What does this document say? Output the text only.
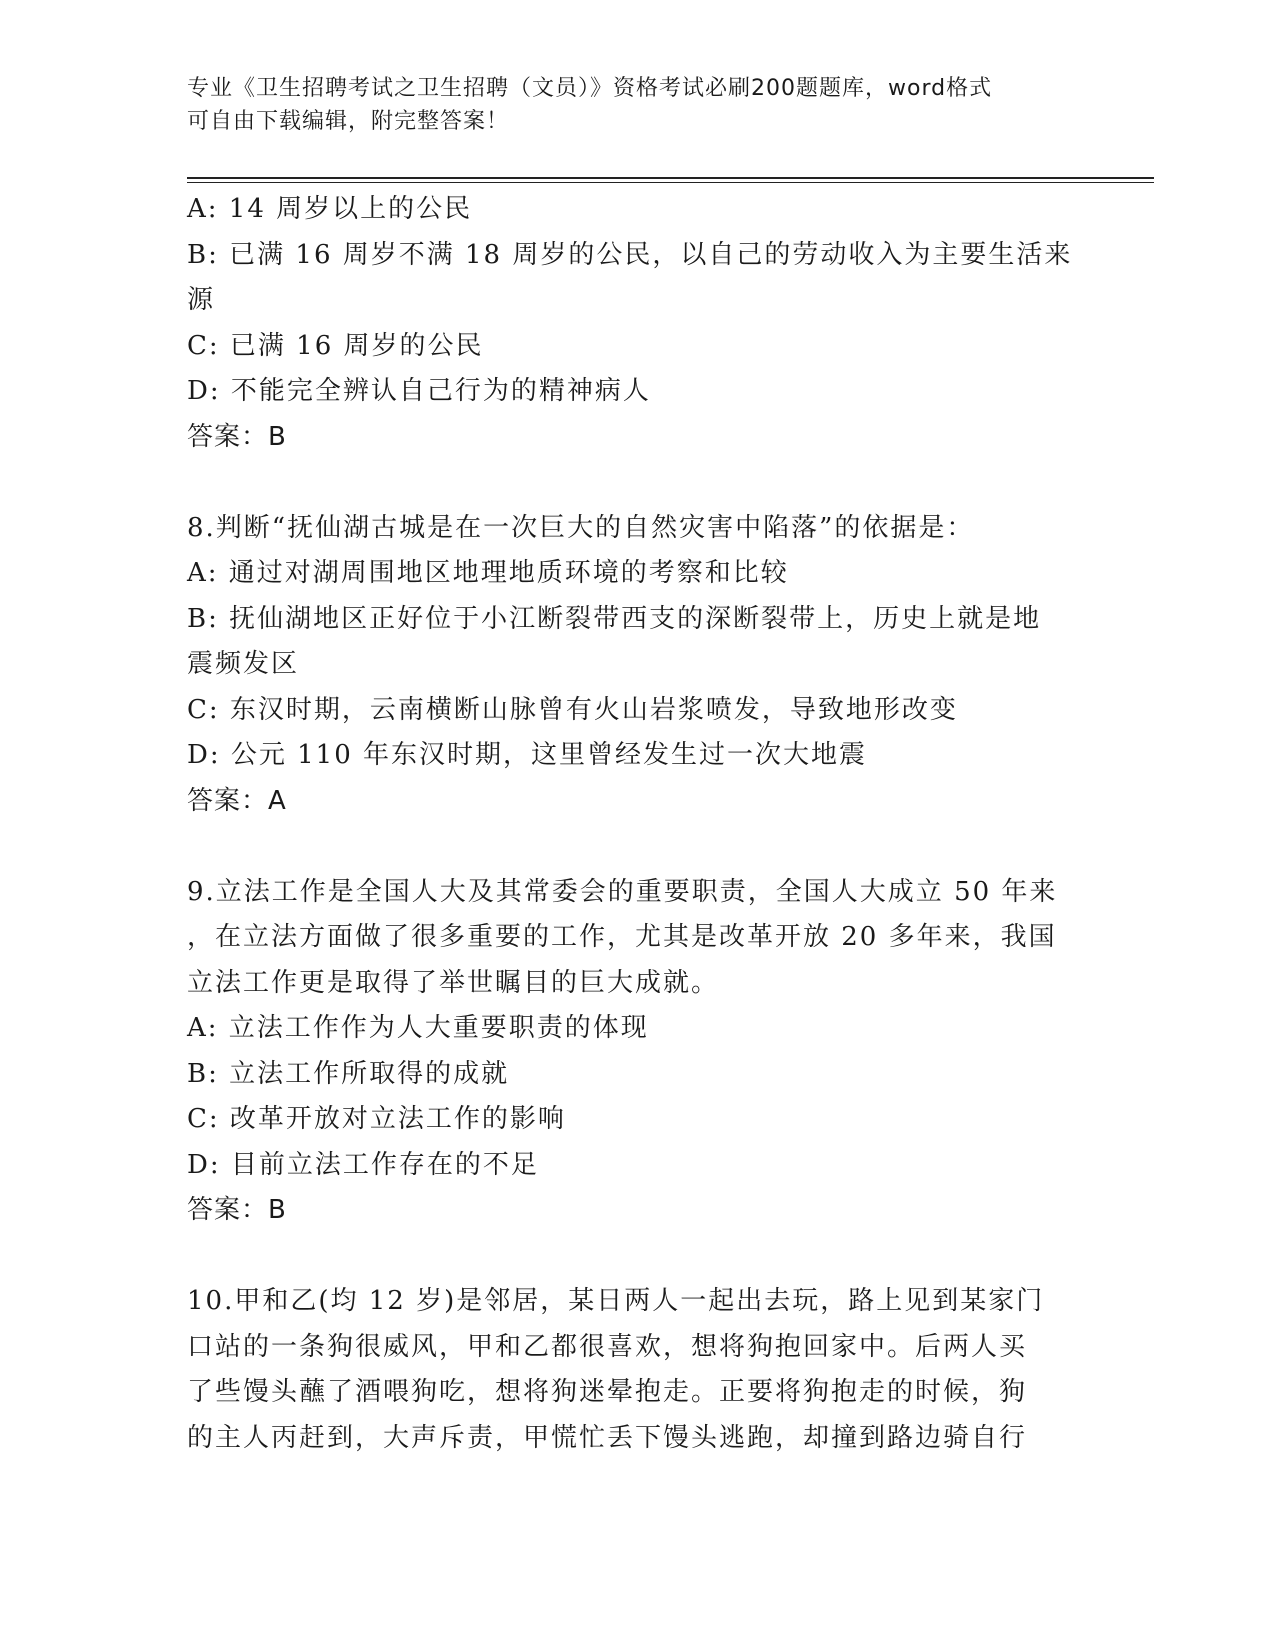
专业《卫生招聘考试之卫生招聘（文员）》资格考试必刷200题题库，word格式
可自由下载编辑，附完整答案！
A: 14 周岁以上的公民
B: 已满 16 周岁不满 18 周岁的公民，以自己的劳动收入为主要生活来
源
C: 已满 16 周岁的公民
D: 不能完全辨认自己行为的精神病人
答案：B
8.判断“抚仙湖古城是在一次巨大的自然灾害中陷落”的依据是：
A: 通过对湖周围地区地理地质环境的考察和比较
B: 抚仙湖地区正好位于小江断裂带西支的深断裂带上，历史上就是地
震频发区
C: 东汉时期，云南横断山脉曾有火山岩浆喷发，导致地形改变
D: 公元 110 年东汉时期，这里曾经发生过一次大地震
答案：A
9.立法工作是全国人大及其常委会的重要职责，全国人大成立 50 年来
，在立法方面做了很多重要的工作，尤其是改革开放 20 多年来，我国
立法工作更是取得了举世瞩目的巨大成就。
A: 立法工作作为人大重要职责的体现
B: 立法工作所取得的成就
C: 改革开放对立法工作的影响
D: 目前立法工作存在的不足
答案：B
10.甲和乙(均 12 岁)是邻居，某日两人一起出去玩，路上见到某家门
口站的一条狗很威风，甲和乙都很喜欢，想将狗抱回家中。后两人买
了些馒头蘸了酒喂狗吃，想将狗迷晕抱走。正要将狗抱走的时候，狗
的主人丙赶到，大声斥责，甲慌忙丢下馒头逃跑，却撞到路边骑自行
